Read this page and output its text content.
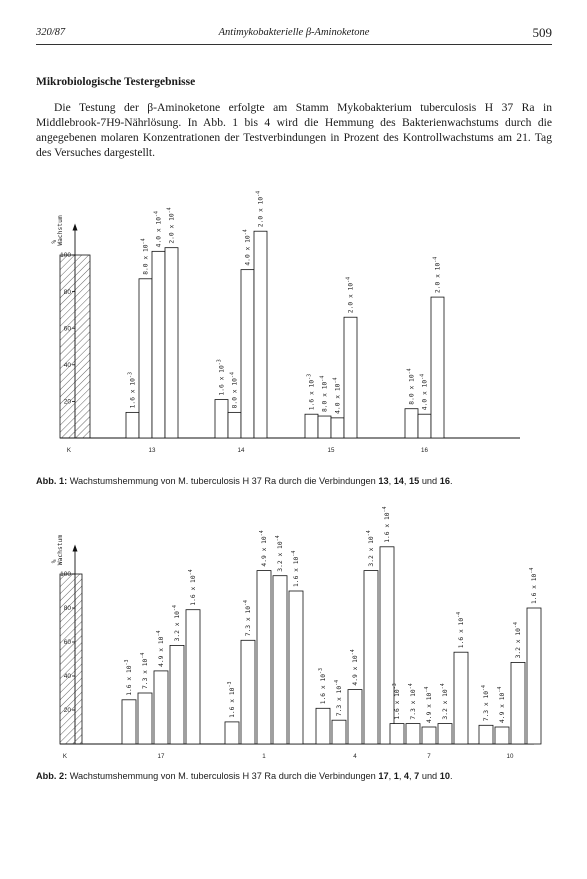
320/87	Antimykobakterielle β-Aminoketone	509
Mikrobiologische Testergebnisse

Die Testung der β-Aminoketone erfolgte am Stamm Mykobakterium tuberculosis H 37 Ra in Middlebrook-7H9-Nährlösung. In Abb. 1 bis 4 wird die Hemmung des Bakterienwachstums durch die angegebenen molaren Konzentrationen der Testverbindungen in Prozent des Kontrollwachstums am 21. Tag des Versuches dargestellt.

Wachstum
%
20
40
60
80
100
K
1.6 x $10^{-3}$
8.0 x $10^{-4}$	4.0 x $10^{-4}$	2.0 x $10^{-4}$
13
1.6 x $10^{-3}$
8.0 x $10^{-4}$
4.0 x $10^{-4}$
2.0 x $10^{-4}$
14
1.6 x $10^{-3}$
8.0 x $10^{-4}$
4.0 x $10^{-4}$
2.0 x $10^{-4}$
15
8.0 x $10^{-4}$
4.0 x $10^{-4}$
2.0 x $10^{-4}$
16
Abb. 1: Wachstumshemmung von M. tuberculosis H 37 Ra durch die Verbindungen 13, 14, 15 und 16.
Wachstum
%
20
40
60
80
100
K
1.6 x $10^{-3}$	7.3 x $10^{-4}$	4.9 x $10^{-4}$	3.2 x $10^{-4}$
1.6 x $10^{-4}$
17
1.6 x $10^{-3}$
7.3 x $10^{-4}$
4.9 x $10^{-4}$
3.2 x $10^{-4}$
1.6 x $10^{-4}$
1
1.6 x $10^{-3}$
7.3 x $10^{-4}$	4.9 x $10^{-4}$
3.2 x $10^{-4}$	1.6 x $10^{-4}$
4
1.6 x $10^{-3}$
7.3 x $10^{-4}$
4.9 x $10^{-4}$	3.2 x $10^{-4}$
1.6 x $10^{-4}$
7
7.3 x $10^{-4}$
4.9 x $10^{-4}$
3.2 x $10^{-4}$
1.6 x $10^{-4}$
10
Abb. 2: Wachstumshemmung von M. tuberculosis H 37 Ra durch die Verbindungen 17, 1, 4, 7 und 10.
